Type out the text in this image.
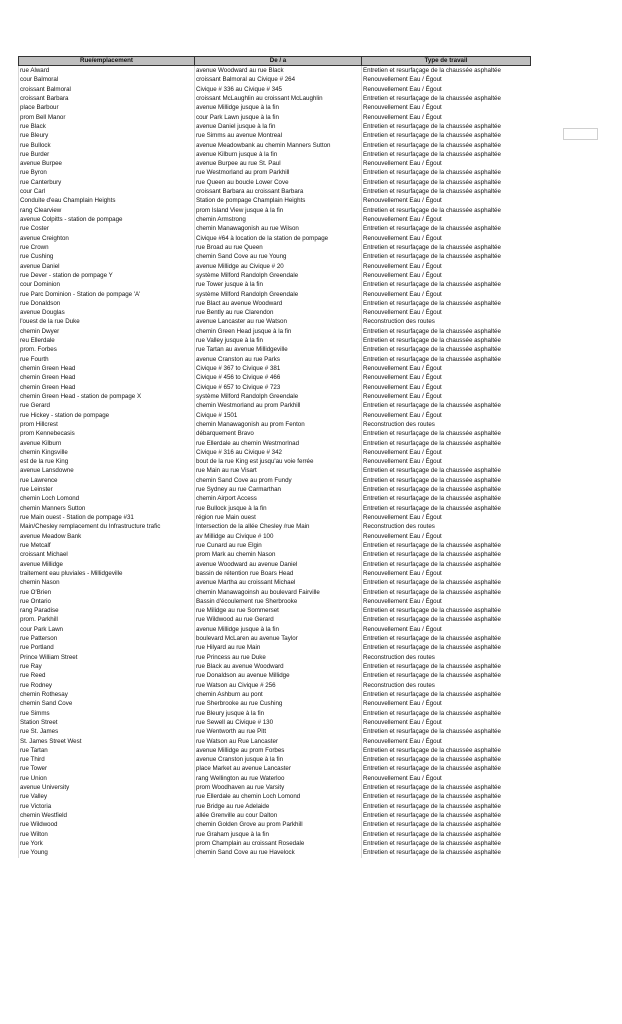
Rue/emplacement	De / a	Type de travail
rue Alward	avenue Woodward au rue Black	Entretien et resurfaçage de la chaussée asphaltée
cour Balmoral	croissant Balmoral au Civique # 264	Renouvellement Eau / Égout
croissant Balmoral	Civique # 336 au Civique # 345	Renouvellement Eau / Égout
croissant Barbara	croissant McLaughlin au croissant McLaughlin	Entretien et resurfaçage de la chaussée asphaltée
place Barbour	avenue Millidge jusque à la fin	Renouvellement Eau / Égout
prom Bell Manor	cour Park Lawn jusque à la fin	Renouvellement Eau / Égout
rue Black	avenue Daniel jusque à la fin	Entretien et resurfaçage de la chaussée asphaltée
rue Bleury	rue Simms au avenue Montreal	Entretien et resurfaçage de la chaussée asphaltée
rue Bullock	avenue Meadowbank au chemin Manners Sutton	Entretien et resurfaçage de la chaussée asphaltée
rue Burder	avenue Kilburn jusque à la fin	Entretien et resurfaçage de la chaussée asphaltée
avenue Burpee	avenue Burpee au rue St. Paul	Renouvellement Eau / Égout
rue Byron	rue Westmorland au prom Parkhill	Entretien et resurfaçage de la chaussée asphaltée
rue Canterbury	rue Queen au boucle Lower Cove	Entretien et resurfaçage de la chaussée asphaltée
cour Carl	croissant Barbara au croissant Barbara	Entretien et resurfaçage de la chaussée asphaltée
Conduite d'eau Champlain Heights	Station de pompage Champlain Heights	Renouvellement Eau / Égout
rang Clearview	prom Island View jusque à la fin	Entretien et resurfaçage de la chaussée asphaltée
avenue Colpitts - station de pompage	chemin Armstrong	Renouvellement Eau / Égout
rue Coster	chemin Manawagonish au rue Wilson	Entretien et resurfaçage de la chaussée asphaltée
avenue Creighton	Civique #64 à location de la station de pompage	Renouvellement Eau / Égout
rue Crown	rue Broad au rue Queen	Entretien et resurfaçage de la chaussée asphaltée
rue Cushing	chemin Sand Cove au rue Young	Entretien et resurfaçage de la chaussée asphaltée
avenue Daniel	avenue Millidge au Civique # 20	Renouvellement Eau / Égout
rue Dever - station de pompage Y	système Milford Randolph Greendale	Renouvellement Eau / Égout
cour Dominion	rue Tower jusque à la fin	Entretien et resurfaçage de la chaussée asphaltée
rue Parc Dominion - Station de pompage 'A'	système Milford Randolph Greendale	Renouvellement Eau / Égout
rue Donaldson	rue Blact au avenue Woodward	Entretien et resurfaçage de la chaussée asphaltée
avenue Douglas	rue Bently au rue Clarendon	Renouvellement Eau / Égout
l'ouest de la rue Duke	avenue Lancaster au rue Watson	Reconstruction des routes
chemin Dwyer	chemin Green Head jusque à la fin	Entretien et resurfaçage de la chaussée asphaltée
reu Ellerdale	rue Valley jusque à la fin	Entretien et resurfaçage de la chaussée asphaltée
prom. Forbes	rue Tartan au avenue Millidgeville	Entretien et resurfaçage de la chaussée asphaltée
rue Fourth	avenue Cranston au rue Parks	Entretien et resurfaçage de la chaussée asphaltée
chemin Green Head	Civique # 367 to Civique # 381	Renouvellement Eau / Égout
chemin Green Head	Civique # 456 to Civique # 466	Renouvellement Eau / Égout
chemin Green Head	Civique # 657 to Civique # 723	Renouvellement Eau / Égout
chemin Green Head - station de pompage X	système Milford Randolph Greendale	Renouvellement Eau / Égout
rue Gerard	chemin Westmorland au prom Parkhill	Entretien et resurfaçage de la chaussée asphaltée
rue Hickey - station de pompage	Civique # 1501	Renouvellement Eau / Égout
prom Hillcrest	chemin Manawagonish au prom Fenton	Reconstruction des routes
prom Kennebecasis	débarquement Bravo	Entretien et resurfaçage de la chaussée asphaltée
avenue Kilburn	rue Ellerdale au chemin Westmorlnad	Entretien et resurfaçage de la chaussée asphaltée
chemin Kingsville	Civique # 316 au Civique # 342	Renouvellement Eau / Égout
est de la rue King	bout de la rue King est jusqu'au voie ferrée	Renouvellement Eau / Égout
avenue Lansdowne	rue Main au rue Visart	Entretien et resurfaçage de la chaussée asphaltée
rue Lawrence	chemin Sand Cove au prom Fundy	Entretien et resurfaçage de la chaussée asphaltée
rue Leinster	rue Sydney au rue Carmarthan	Entretien et resurfaçage de la chaussée asphaltée
chemin Loch Lomond	chemin Airport Access	Entretien et resurfaçage de la chaussée asphaltée
chemin Manners Sutton	rue Bullock jusque à la fin	Entretien et resurfaçage de la chaussée asphaltée
rue Main ouest - Station de pompage #31	région rue Main ouest	Renouvellement Eau / Égout
Main/Chesley remplacement du Infrastructure trafic	Intersection de la allée Chesley /rue Main	Reconstruction des routes
avenue Meadow Bank	av Millidge au Civique # 100	Renouvellement Eau / Égout
rue Metcalf	rue Cunard au rue Elgin	Entretien et resurfaçage de la chaussée asphaltée
croissant Michael	prom Mark au chemin Nason	Entretien et resurfaçage de la chaussée asphaltée
avenue Millidge	avenue Woodward au avenue Daniel	Entretien et resurfaçage de la chaussée asphaltée
traitement eau pluviales - Millidgeville	bassin de rétention rue Boars Head	Renouvellement Eau / Égout
chemin Nason	avenue Martha au croissant Michael	Entretien et resurfaçage de la chaussée asphaltée
rue O'Brien	chemin Manawagoinsh au boulevard Fairville	Entretien et resurfaçage de la chaussée asphaltée
rue Ontario	Bassin d'écoulement rue Sherbrooke	Renouvellement Eau / Égout
rang Paradise	rue Milidge au rue Sommerset	Entretien et resurfaçage de la chaussée asphaltée
prom. Parkhill	rue Wildwood au rue Gerard	Entretien et resurfaçage de la chaussée asphaltée
cour Park Lawn	avenue Millidge jusque à la fin	Renouvellement Eau / Égout
rue Patterson	boulevard McLaren au avenue Taylor	Entretien et resurfaçage de la chaussée asphaltée
rue Portland	rue Hilyard au rue Main	Entretien et resurfaçage de la chaussée asphaltée
Prince William Street	rue Princess au rue Duke	Reconstruction des routes
rue Ray	rue Black au avenue Woodward	Entretien et resurfaçage de la chaussée asphaltée
rue Reed	rue Donaldson au avenue Millidge	Entretien et resurfaçage de la chaussée asphaltée
rue Rodney	rue Watson au Civique # 256	Reconstruction des routes
chemin Rothesay	chemin Ashburn au pont	Entretien et resurfaçage de la chaussée asphaltée
chemin Sand Cove	rue Sherbrooke au rue Cushing	Renouvellement Eau / Égout
rue Simms	rue Bleury jusque à la fin	Entretien et resurfaçage de la chaussée asphaltée
Station Street	rue Sewell au Civique # 130	Renouvellement Eau / Égout
rue St. James	rue Wentworth au rue Pitt	Entretien et resurfaçage de la chaussée asphaltée
St. James Street West	rue Watson au Rue Lancaster	Renouvellement Eau / Égout
rue Tartan	avenue Millidge au prom Forbes	Entretien et resurfaçage de la chaussée asphaltée
rue Third	avenue Cranston jusque à la fin	Entretien et resurfaçage de la chaussée asphaltée
rue Tower	place Market au avenue Lancaster	Entretien et resurfaçage de la chaussée asphaltée
rue Union	rang Wellington au rue Waterloo	Renouvellement Eau / Égout
avenue University	prom Woodhaven au rue Varsity	Entretien et resurfaçage de la chaussée asphaltée
rue Valley	rue Ellerdale au chemin Loch Lomond	Entretien et resurfaçage de la chaussée asphaltée
rue Victoria	rue Bridge au rue Adelaide	Entretien et resurfaçage de la chaussée asphaltée
chemin Westfield	allée Grenville au cour Dalton	Entretien et resurfaçage de la chaussée asphaltée
rue Wildwood	chemin Golden Grove au prom Parkhill	Entretien et resurfaçage de la chaussée asphaltée
rue Wilton	rue Graham jusque à la fin	Entretien et resurfaçage de la chaussée asphaltée
rue York	prom Champlain au croissant Rosedale	Entretien et resurfaçage de la chaussée asphaltée
rue Young	chemin Sand Cove au rue Havelock	Entretien et resurfaçage de la chaussée asphaltée
